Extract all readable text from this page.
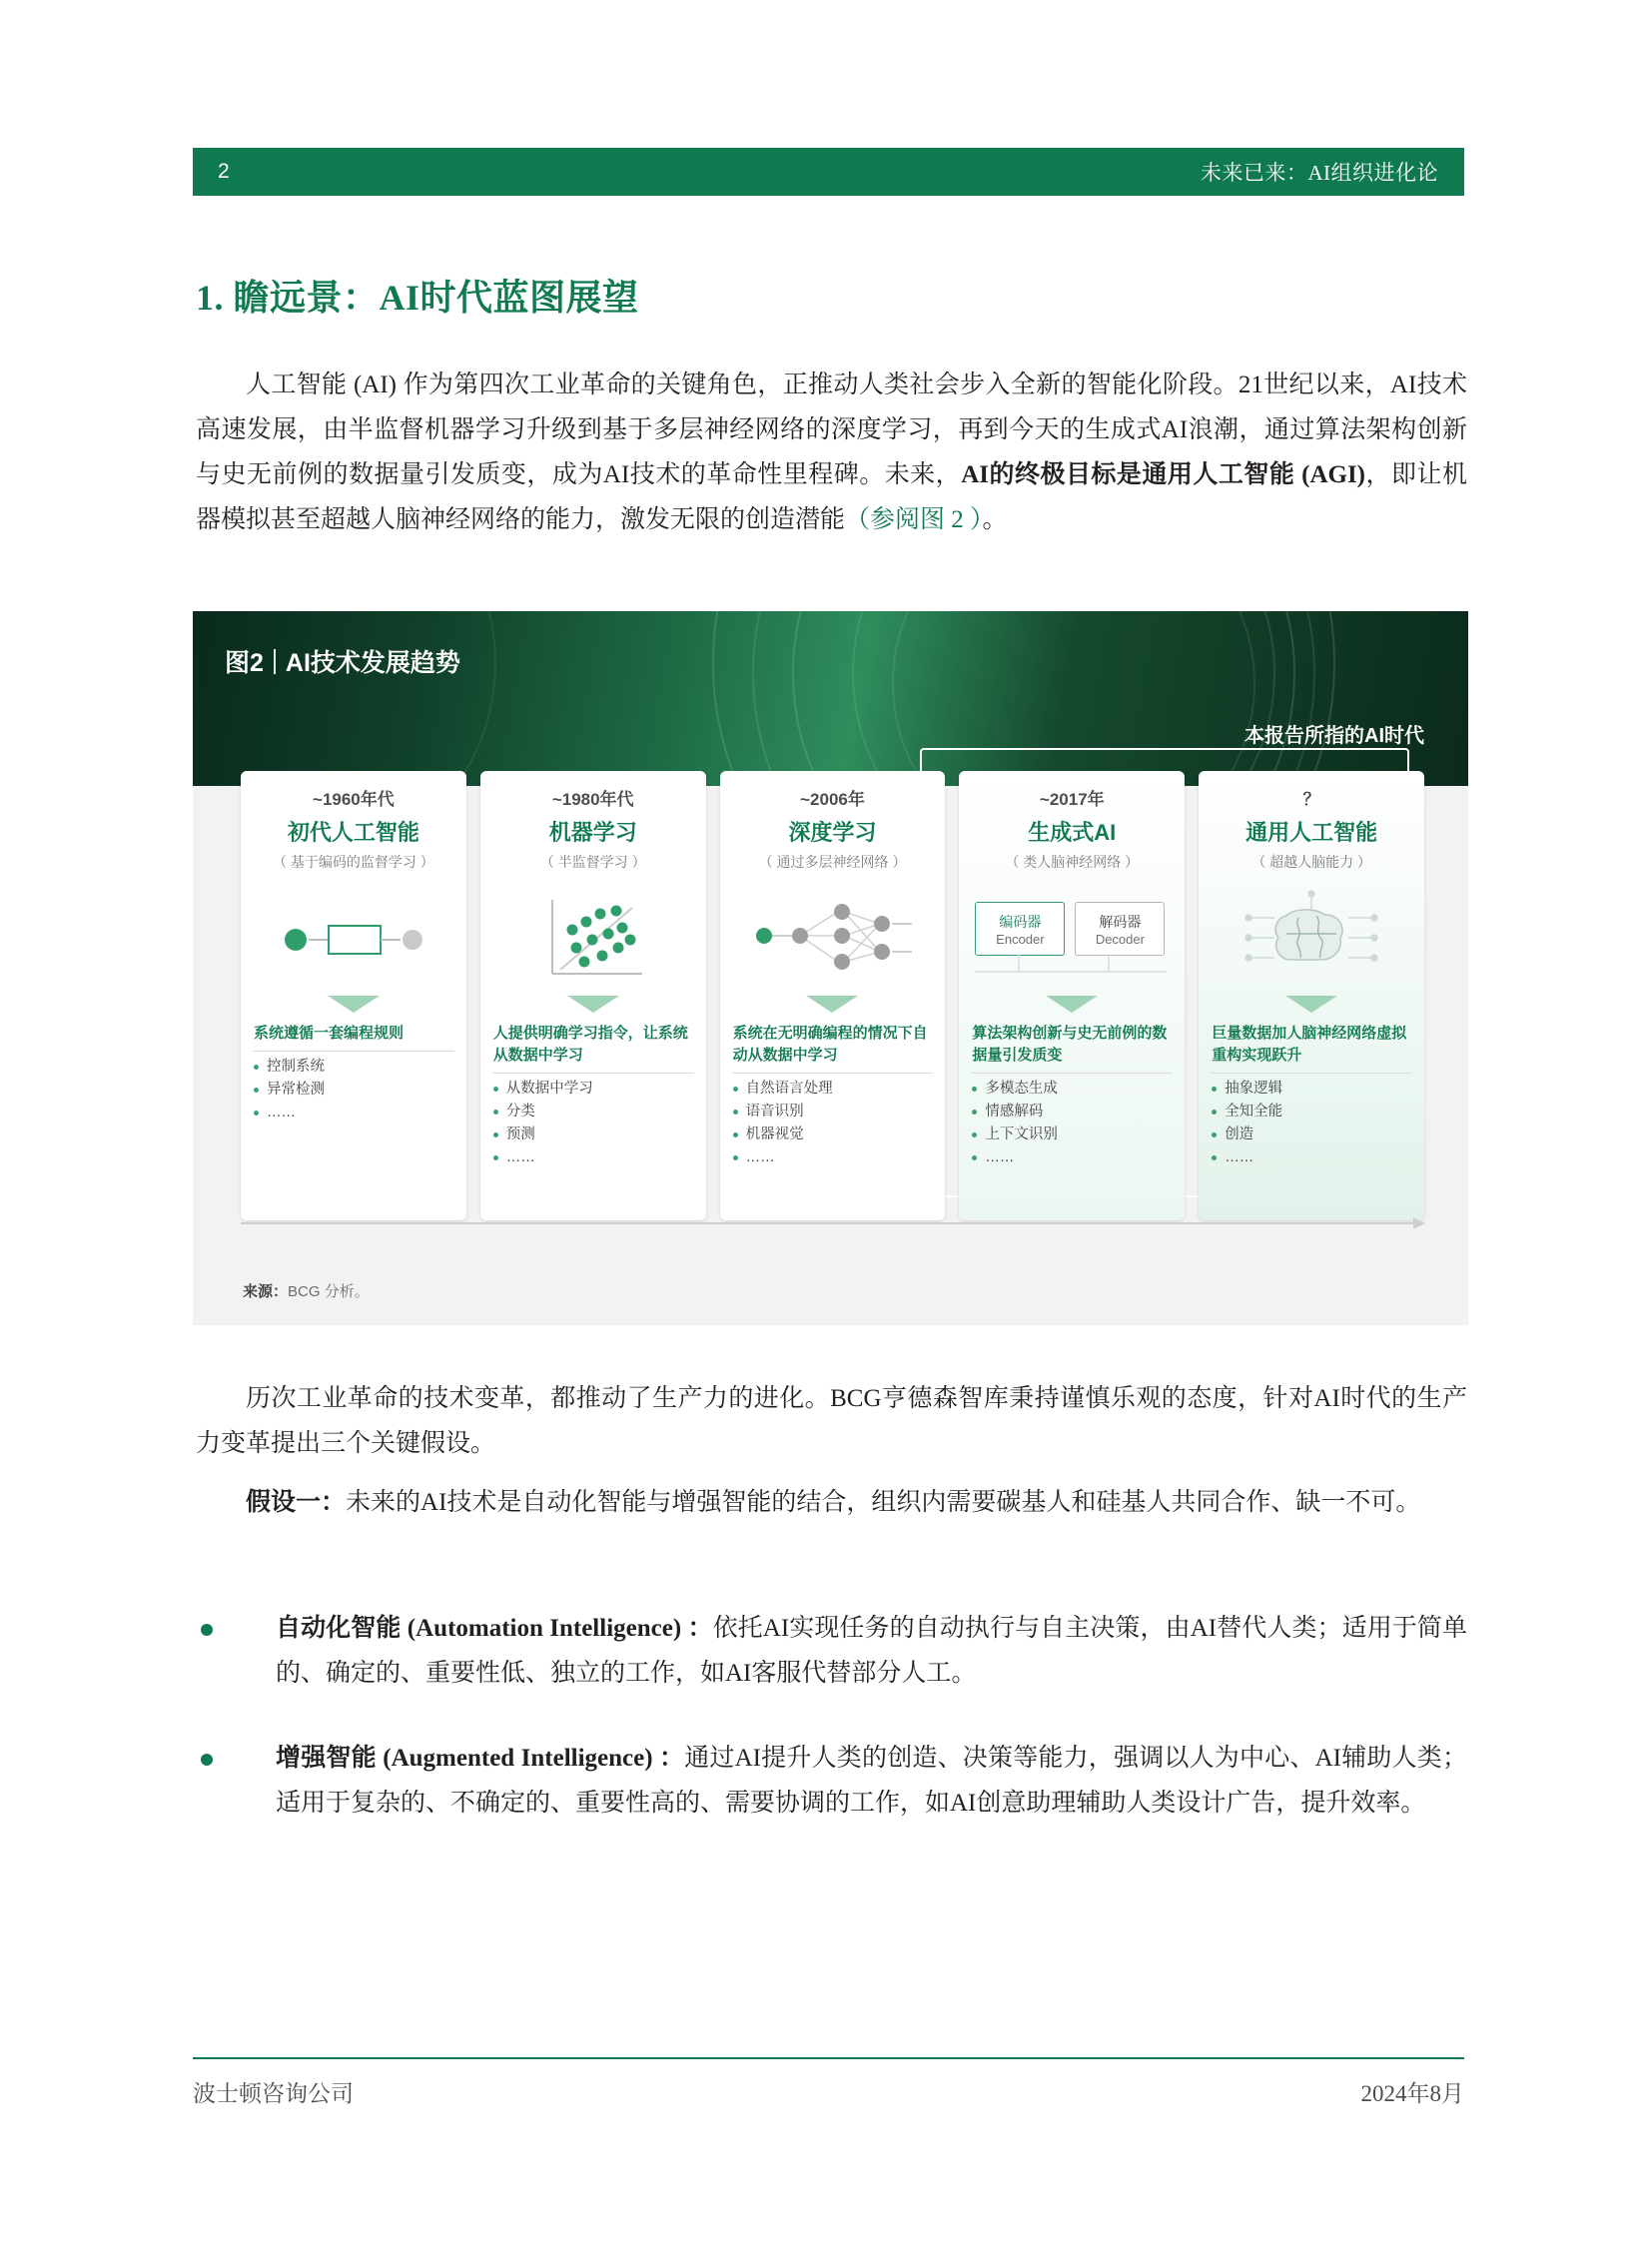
2	未来已来：AI组织进化论
1. 瞻远景：AI时代蓝图展望
人工智能 (AI) 作为第四次工业革命的关键角色，正推动人类社会步入全新的智能化阶段。21世纪以来，AI技术高速发展，由半监督机器学习升级到基于多层神经网络的深度学习，再到今天的生成式AI浪潮，通过算法架构创新与史无前例的数据量引发质变，成为AI技术的革命性里程碑。未来，AI的终极目标是通用人工智能 (AGI)，即让机器模拟甚至超越人脑神经网络的能力，激发无限的创造潜能（参阅图 2 ）。
图2 AI技术发展趋势
本报告所指的AI时代
~1960年代
初代人工智能
（ 基于编码的监督学习 ）
系统遵循一套编程规则
控制系统
异常检测
……
~1980年代
机器学习
（ 半监督学习 ）
人提供明确学习指令，让系统从数据中学习
从数据中学习
分类
预测
……
~2006年
深度学习
（ 通过多层神经网络 ）
系统在无明确编程的情况下自动从数据中学习
自然语言处理
语音识别
机器视觉
……
~2017年
生成式AI
（ 类人脑神经网络 ）
编码器
Encoder
解码器
Decoder
算法架构创新与史无前例的数据量引发质变
多模态生成
情感解码
上下文识别
……
？
通用人工智能
（ 超越人脑能力 ）
巨量数据加人脑神经网络虚拟重构实现跃升
抽象逻辑
全知全能
创造
……
来源：BCG 分析。
历次工业革命的技术变革，都推动了生产力的进化。BCG亨德森智库秉持谨慎乐观的态度，针对AI时代的生产力变革提出三个关键假设。
假设一：未来的AI技术是自动化智能与增强智能的结合，组织内需要碳基人和硅基人共同合作、缺一不可。
自动化智能 (Automation Intelligence) ：依托AI实现任务的自动执行与自主决策，由AI替代人类；适用于简单的、确定的、重要性低、独立的工作，如AI客服代替部分人工。
增强智能 (Augmented Intelligence) ：通过AI提升人类的创造、决策等能力，强调以人为中心、AI辅助人类；适用于复杂的、不确定的、重要性高的、需要协调的工作，如AI创意助理辅助人类设计广告，提升效率。
波士顿咨询公司	2024年8月
